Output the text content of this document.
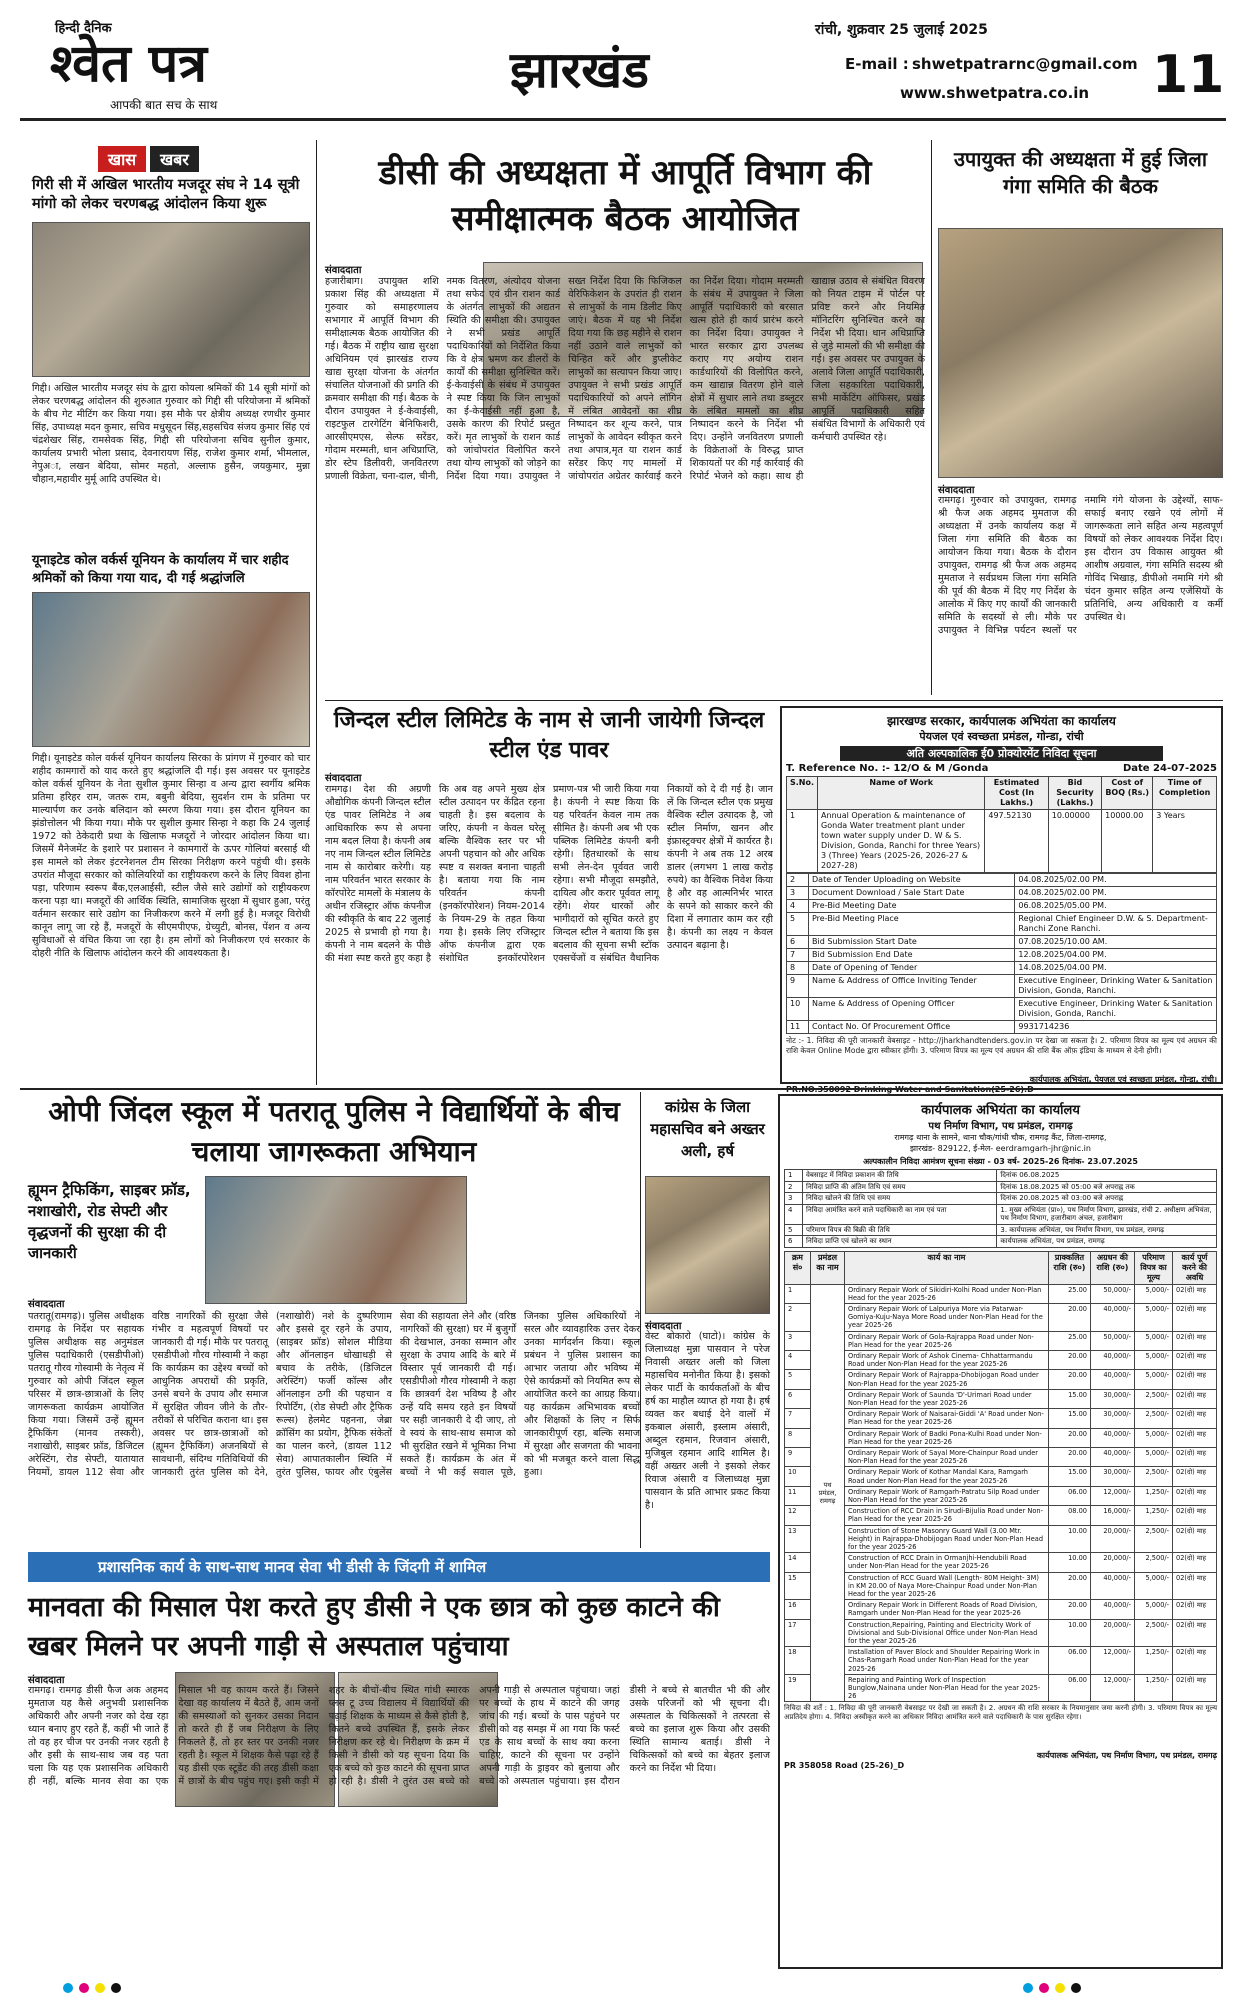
हिन्दी दैनिक
श्वेत पत्र
आपकी बात सच के साथ
झारखंड
रांची, शुक्रवार 25 जुलाई 2025
E-mail : shwetpatrarnc@gmail.com
www.shwetpatra.co.in 11
खास खबर
गिरी सी में अखिल भारतीय मजदूर संघ ने 14 सूत्री मांगो को लेकर चरणबद्ध आंदोलन किया शुरू
गिद्दी। अखिल भारतीय मजदूर संघ के द्वारा कोयला श्रमिकों की 14 सूत्री मांगों को लेकर चरणबद्ध आंदोलन की शुरुआत गुरुवार को गिद्दी सी परियोजना में श्रमिकों के बीच गेट मीटिंग कर किया गया। इस मौके पर क्षेत्रीय अध्यक्ष रणधीर कुमार सिंह, उपाध्यक्ष मदन कुमार, सचिव मधुसूदन सिंह,सहसचिव संजय कुमार सिंह एवं चंद्रशेखर सिंह, रामसेवक सिंह, गिद्दी सी परियोजना सचिव सुनील कुमार, कार्यालय प्रभारी भोला प्रसाद, देवनारायण सिंह, राजेश कुमार शर्मा, भीमलाल, नेपुअा, लखन बेदिया, सोमर महतो, अल्लाफ हुसैन, जयकुमार, मुन्ना चौहान,महावीर मुर्मू आदि उपस्थित थे।
यूनाइटेड कोल वर्कर्स यूनियन के कार्यालय में चार शहीद श्रमिकों को किया गया याद, दी गई श्रद्धांजलि
गिद्दी। यूनाइटेड कोल वर्कर्स यूनियन कार्यालय सिरका के प्रांगण में गुरुवार को चार शहीद कामगारों को याद करते हुए श्रद्धांजलि दी गई। इस अवसर पर यूनाइटेड कोल वर्कर्स यूनियन के नेता सुशील कुमार सिन्हा व अन्य द्वारा स्वर्गीय श्रमिक प्रतिमा हरिहर राम, जतरू राम, बबुनी बेदिया, सुदर्शन राम के प्रतिमा पर माल्यार्पण कर उनके बलिदान को स्मरण किया गया। इस दौरान यूनियन का झंडोत्तोलन भी किया गया। मौके पर सुशील कुमार सिन्हा ने कहा कि 24 जुलाई 1972 को ठेकेदारी प्रथा के खिलाफ मजदूरों ने जोरदार आंदोलन किया था।जिसमें मैनेजमेंट के इशारे पर प्रशासन ने कामगारों के ऊपर गोलियां बरसाई थी इस मामले को लेकर इंटरनेशनल टीम सिरका निरीक्षण करने पहुंची थी। इसके उपरांत मौजूदा सरकार को कोलियरियों का राष्ट्रीयकरण करने के लिए विवश होना पड़ा, परिणाम स्वरूप बैंक,एलआईसी, स्टील जैसे सारे उद्योगों को राष्ट्रीयकरण करना पड़ा था। मजदूरों की आर्थिक स्थिति, सामाजिक सुरक्षा में सुधार हुआ, परंतु वर्तमान सरकार सारे उद्योग का निजीकरण करने में लगी हुई है। मजदूर विरोधी कानून लागू जा रहे हैं, मजदूरों के सीएमपीएफ, ग्रेच्युटी, बोनस, पेंशन व अन्य सुविधाओं से वंचित किया जा रहा है। हम लोगों को निजीकरण एवं सरकार के दोहरी नीति के खिलाफ आंदोलन करने की आवश्यकता है।
डीसी की अध्यक्षता में आपूर्ति विभाग की समीक्षात्मक बैठक आयोजित
संवाददाता
हजारीबाग। उपायुक्त शशि प्रकाश सिंह की अध्यक्षता में गुरुवार को समाहरणालय सभागार में आपूर्ति विभाग की समीक्षात्मक बैठक आयोजित की गई। बैठक में राष्ट्रीय खाद्य सुरक्षा अधिनियम एवं झारखंड राज्य खाद्य सुरक्षा योजना के अंतर्गत संचालित योजनाओं की प्रगति की क्रमवार समीक्षा की गई। बैठक के दौरान उपायुक्त ने ई-केवाईसी, राइटफुल टारगेटिंग बेनिफिशरी, आरसीएमएस, सेल्फ सरेंडर, गोदाम मरम्मती, धान अधिप्राप्ति, डोर स्टेप डिलीवरी, जनवितरण प्रणाली विक्रेता, चना-दाल, चीनी, नमक वितरण, अंत्योदय योजना तथा सफेद एवं ग्रीन राशन कार्ड के अंतर्गत लाभुकों की अद्यतन स्थिति की समीक्षा की। उपायुक्त ने सभी प्रखंड आपूर्ति पदाधिकारियों को निर्देशित किया कि वे क्षेत्र भ्रमण कर डीलरों के कार्यों की समीक्षा सुनिश्चित करें। ई-केवाईसी के संबंध में उपायुक्त ने स्पष्ट किया कि जिन लाभुकों का ई-केवाईसी नहीं हुआ है, उसके कारण की रिपोर्ट प्रस्तुत करें। मृत लाभुकों के राशन कार्ड को जांचोपरांत विलोपित करने तथा योग्य लाभुकों को जोड़ने का निर्देश दिया गया। उपायुक्त ने सख्त निर्देश दिया कि फिजिकल वेरिफिकेशन के उपरांत ही राशन से लाभुकों के नाम डिलीट किए जाएं। बैठक में यह भी निर्देश दिया गया कि छह महीने से राशन नहीं उठाने वाले लाभुकों को चिन्हित करें और डुप्लीकेट लाभुकों का सत्यापन किया जाए। उपायुक्त ने सभी प्रखंड आपूर्ति पदाधिकारियों को अपने लॉगिन में लंबित आवेदनों का शीघ्र निष्पादन कर शून्य करने, पात्र लाभुकों के आवेदन स्वीकृत करने तथा अपात्र,मृत या राशन कार्ड सरेंडर किए गए मामलों में जांचोपरांत अग्रेतर कार्रवाई करने का निर्देश दिया। गोदाम मरम्मती के संबंध में उपायुक्त ने जिला आपूर्ति पदाधिकारी को बरसात खत्म होते ही कार्य प्रारंभ करने का निर्देश दिया। उपायुक्त ने भारत सरकार द्वारा उपलब्ध कराए गए अयोग्य राशन कार्डधारियों की विलोपित करने, कम खाद्यान्न वितरण होने वाले क्षेत्रों में सुधार लाने तथा डब्लूटर के लंबित मामलों का शीघ्र निष्पादन करने के निर्देश भी दिए। उन्होंने जनवितरण प्रणाली के विक्रेताओं के विरुद्ध प्राप्त शिकायतों पर की गई कार्रवाई की रिपोर्ट भेजने को कहा। साथ ही खाद्यान्न उठाव से संबंधित विवरण को नियत टाइम में पोर्टल पर प्रविष्ट करने और नियमित मॉनिटरिंग सुनिश्चित करने का निर्देश भी दिया। धान अधिप्राप्ति से जुड़े मामलों की भी समीक्षा की गई। इस अवसर पर उपायुक्त के अलावे जिला आपूर्ति पदाधिकारी, जिला सहकारिता पदाधिकारी, सभी मार्केटिंग ऑफिसर, प्रखंड आपूर्ति पदाधिकारी सहित संबंधित विभागों के अधिकारी एवं कर्मचारी उपस्थित रहे।
उपायुक्त की अध्यक्षता में हुई जिला गंगा समिति की बैठक
संवाददाता
रामगढ़। गुरुवार को उपायुक्त, रामगढ़ श्री फैज अक अहमद मुमताज की अध्यक्षता में उनके कार्यालय कक्ष में जिला गंगा समिति की बैठक का आयोजन किया गया। बैठक के दौरान उपायुक्त, रामगढ़ श्री फैज अक अहमद मुमताज ने सर्वप्रथम जिला गंगा समिति की पूर्व की बैठक में दिए गए निर्देश के आलोक में किए गए कार्यों की जानकारी समिति के सदस्यों से ली। मौके पर उपायुक्त ने विभिन्न पर्यटन स्थलों पर नमामि गंगे योजना के उद्देश्यों, साफ-सफाई बनाए रखने एवं लोगों में जागरूकता लाने सहित अन्य महत्वपूर्ण विषयों को लेकर आवश्यक निर्देश दिए। इस दौरान उप विकास आयुक्त श्री आशीष अग्रवाल, गंगा समिति सदस्य श्री गोविंद भिखाड़, डीपीओ नमामि गंगे श्री चंदन कुमार सहित अन्य एजेंसियों के प्रतिनिधि, अन्य अधिकारी व कर्मी उपस्थित थे।
जिन्दल स्टील लिमिटेड के नाम से जानी जायेगी जिन्दल स्टील एंड पावर
संवाददाता
रामगढ़। देश की अग्रणी औद्योगिक कंपनी जिन्दल स्टील एंड पावर लिमिटेड ने अब आधिकारिक रूप से अपना नाम बदल लिया है। कंपनी अब नए नाम जिन्दल स्टील लिमिटेड नाम से कारोबार करेगी। यह नाम परिवर्तन भारत सरकार के कॉरपोरेट मामलों के मंत्रालय के अधीन रजिस्ट्रार ऑफ कंपनीज की स्वीकृति के बाद 22 जुलाई 2025 से प्रभावी हो गया है। कंपनी ने नाम बदलने के पीछे की मंशा स्पष्ट करते हुए कहा है कि अब वह अपने मुख्य क्षेत्र स्टील उत्पादन पर केंद्रित रहना चाहती है। इस बदलाव के जरिए, कंपनी न केवल घरेलू बल्कि वैश्विक स्तर पर भी अपनी पहचान को और अधिक स्पष्ट व सशक्त बनाना चाहती है। बताया गया कि नाम परिवर्तन कंपनी (इनकॉरपोरेशन) नियम-2014 के नियम-29 के तहत किया गया है। इसके लिए रजिस्ट्रार ऑफ कंपनीज द्वारा एक संशोधित इनकॉरपोरेशन प्रमाण-पत्र भी जारी किया गया है। कंपनी ने स्पष्ट किया कि यह परिवर्तन केवल नाम तक सीमित है। कंपनी अब भी एक पब्लिक लिमिटेड कंपनी बनी रहेगी। हितधारकों के साथ सभी लेन-देन पूर्ववत जारी रहेगा। सभी मौजूदा समझौते, दायित्व और करार पूर्ववत लागू रहेंगे। शेयर धारकों और भागीदारों को सूचित करते हुए जिन्दल स्टील ने बताया कि इस बदलाव की सूचना सभी स्टॉक एक्सचेंजों व संबंधित वैधानिक निकायों को दे दी गई है। जान लें कि जिन्दल स्टील एक प्रमुख वैश्विक स्टील उत्पादक है, जो स्टील निर्माण, खनन और इंफ्रास्ट्रक्चर क्षेत्रों में कार्यरत है। कंपनी ने अब तक 12 अरब डालर (लगभग 1 लाख करोड़ रुपये) का वैश्विक निवेश किया है और वह आत्मनिर्भर भारत के सपने को साकार करने की दिशा में लगातार काम कर रही है। कंपनी का लक्ष्य न केवल उत्पादन बढ़ाना है।
झारखण्ड सरकार, कार्यपालक अभियंता का कार्यालय
पेयजल एवं स्वच्छता प्रमंडल, गोन्डा, रांची
अति अल्पकालिक ई0 प्रोक्योरमेंट निविदा सूचना
T. Reference No. :- 12/O & M /Gonda	Date 24-07-2025
S.No.	Name of Work	Estimated Cost (In Lakhs.)	Bid Security (Lakhs.)	Cost of BOQ (Rs.)	Time of Completion
1	Annual Operation & maintenance of Gonda Water treatment plant under town water supply under D. W & S. Division, Gonda, Ranchi for three Years) 3 (Three) Years (2025-26, 2026-27 & 2027-28)	497.52130	10.00000	10000.00	3 Years
2	Date of Tender Uploading on Website	04.08.2025/02.00 PM.
3	Document Download / Sale Start Date	04.08.2025/02.00 PM.
4	Pre-Bid Meeting Date	06.08.2025/05.00 PM.
5	Pre-Bid Meeting Place	Regional Chief Engineer D.W. & S. Department-Ranchi Zone Ranchi.
6	Bid Submission Start Date	07.08.2025/10.00 AM.
7	Bid Submission End Date	12.08.2025/04.00 PM.
8	Date of Opening of Tender	14.08.2025/04.00 PM.
9	Name & Address of Office Inviting Tender	Executive Engineer, Drinking Water & Sanitation Division, Gonda, Ranchi.
10	Name & Address of Opening Officer	Executive Engineer, Drinking Water & Sanitation Division, Gonda, Ranchi.
11	Contact No. Of Procurement Office	9931714236
नोट :- 1. निविदा की पूरी जानकारी वेबसाइट - http://jharkhandtenders.gov.in पर देखा जा सकता है। 2. परिमाण विपत्र का मूल्य एवं अग्रधन की राशि केवल Online Mode द्वारा स्वीकार होंगी। 3. परिमाण विपत्र का मूल्य एवं अग्रधन की राशि बैंक ऑफ़ इंडिया के माध्यम से देनी होगी।
कार्यपालक अभियंता, पेयजल एवं स्वच्छता प्रमंडल, गोन्डा, रांची।
ओपी जिंदल स्कूल में पतरातू पुलिस ने विद्यार्थियों के बीच चलाया जागरूकता अभियान
ह्यूमन ट्रैफिकिंग, साइबर फ्रॉड, नशाखोरी, रोड सेफ्टी और वृद्धजनों की सुरक्षा की दी जानकारी
संवाददाता
पतरातू(रामगढ़)। पुलिस अधीक्षक रामगढ़ के निर्देश पर सहायक पुलिस अधीक्षक सह अनुमंडल पुलिस पदाधिकारी (एसडीपीओ) पतरातू गौरव गोस्वामी के नेतृत्व में गुरुवार को ओपी जिंदल स्कूल परिसर में छात्र-छात्राओं के लिए जागरूकता कार्यक्रम आयोजित किया गया। जिसमें उन्हें ह्यूमन ट्रैफिकिंग (मानव तस्करी), नशाखोरी, साइबर फ्रॉड, डिजिटल अरेस्टिंग, रोड सेफ्टी, यातायात नियमों, डायल 112 सेवा और वरिष्ठ नागरिकों की सुरक्षा जैसे गंभीर व महत्वपूर्ण विषयों पर जानकारी दी गई। मौके पर पतरातू एसडीपीओ गौरव गोस्वामी ने कहा कि कार्यक्रम का उद्देश्य बच्चों को आधुनिक अपराधों की प्रकृति, उनसे बचने के उपाय और समाज में सुरक्षित जीवन जीने के तौर-तरीकों से परिचित कराना था। इस अवसर पर छात्र-छात्राओं को (ह्यूमन ट्रैफिकिंग) अजनबियों से सावधानी, संदिग्ध गतिविधियों की जानकारी तुरंत पुलिस को देने, (नशाखोरी) नशे के दुष्परिणाम और इससे दूर रहने के उपाय, (साइबर फ्रॉड) सोशल मीडिया और ऑनलाइन धोखाधड़ी से बचाव के तरीके, (डिजिटल अरेस्टिंग) फर्जी कॉल्स और ऑनलाइन ठगी की पहचान व रिपोर्टिंग, (रोड सेफ्टी और ट्रैफिक रूल्स) हेलमेट पहनना, जेब्रा क्रॉसिंग का प्रयोग, ट्रैफिक संकेतों का पालन करने, (डायल 112 सेवा) आपातकालीन स्थिति में तुरंत पुलिस, फायर और एंबुलेंस सेवा की सहायता लेने और (वरिष्ठ नागरिकों की सुरक्षा) घर में बुजुर्गों की देखभाल, उनका सम्मान और सुरक्षा के उपाय आदि के बारे में विस्तार पूर्व जानकारी दी गई। एसडीपीओ गौरव गोस्वामी ने कहा कि छात्रवर्ग देश भविष्य है और उन्हें यदि समय रहते इन विषयों पर सही जानकारी दे दी जाए, तो वे स्वयं के साथ-साथ समाज को भी सुरक्षित रखने में भूमिका निभा सकते हैं। कार्यक्रम के अंत में बच्चों ने भी कई सवाल पूछे, जिनका पुलिस अधिकारियों ने सरल और व्यावहारिक उत्तर देकर उनका मार्गदर्शन किया। स्कूल प्रबंधन ने पुलिस प्रशासन का आभार जताया और भविष्य में ऐसे कार्यक्रमों को नियमित रूप से आयोजित करने का आग्रह किया। यह कार्यक्रम अभिभावक बच्चों और शिक्षकों के लिए न सिर्फ जानकारीपूर्ण रहा, बल्कि समाज में सुरक्षा और सजगता की भावना को भी मजबूत करने वाला सिद्ध हुआ।
कांग्रेस के जिला महासचिव बने अख्तर अली, हर्ष
संवाददाता
वेस्ट बोकारो (घाटो)। कांग्रेस के जिलाध्यक्ष मुन्ना पासवान ने परेज निवासी अख्तर अली को जिला महासचिव मनोनीत किया है। इसको लेकर पार्टी के कार्यकर्ताओं के बीच हर्ष का माहौल व्याप्त हो गया है। हर्ष व्यक्त कर बधाई देने वालों में इकबाल अंसारी, इस्लाम अंसारी, अब्दुल रहमान, रिजवान अंसारी, मुजिबुल रहमान आदि शामिल है। वहीं अख्तर अली ने इसको लेकर रिवाज अंसारी व जिलाध्यक्ष मुन्ना पासवान के प्रति आभार प्रकट किया है।
प्रशासनिक कार्य के साथ-साथ मानव सेवा भी डीसी के जिंदगी में शामिल
मानवता की मिसाल पेश करते हुए डीसी ने एक छात्र को कुछ काटने की खबर मिलने पर अपनी गाड़ी से अस्पताल पहुंचाया
संवाददाता
रामगढ़। रामगढ़ डीसी फैज अक अहमद मुमताज यह कैसे अनुभवी प्रशासनिक अधिकारी और अपनी नजर को देख रहा ध्यान बनाए हुए रहते हैं, कहीं भी जाते हैं तो वह हर चीज पर उनकी नजर रहती है और इसी के साथ-साथ जब वह पता चला कि यह एक प्रशासनिक अधिकारी ही नहीं, बल्कि मानव सेवा का एक मिसाल भी वह कायम करते हैं। जिसने देखा वह कार्यालय में बैठते हैं, आम जनों की समस्याओं को सुनकर उसका निदान तो करते ही हैं जब निरीक्षण के लिए निकलते हैं, तो हर स्तर पर उनकी नजर रहती है। स्कूल में शिक्षक कैसे पढ़ा रहे हैं यह डीसी एक स्टूडेंट की तरह डीसी कक्षा में छात्रों के बीच पहुंच गए। इसी कड़ी में शहर के बीचों-बीच स्थित गांधी स्मारक प्लस टू उच्च विद्यालय में विद्यार्थियों की पढ़ाई शिक्षक के माध्यम से कैसे होती है, कितने बच्चे उपस्थित हैं, इसके लेकर निरीक्षण कर रहे थे। निरीक्षण के क्रम में किसी ने डीसी को यह सूचना दिया कि एक बच्चे को कुछ काटने की सूचना प्राप्त हो रही है। डीसी ने तुरंत उस बच्चे को अपनी गाड़ी से अस्पताल पहुंचाया। जहां पर बच्चों के हाथ में काटने की जगह जांच की गई। बच्चों के पास पहुंचने पर डीसी को वह समझ में आ गया कि फर्स्ट एड के साथ बच्चों के साथ क्या करना चाहिए, काटने की सूचना पर उन्होंने अपनी गाड़ी के ड्राइवर को बुलाया और बच्चे को अस्पताल पहुंचाया। इस दौरान डीसी ने बच्चे से बातचीत भी की और उसके परिजनों को भी सूचना दी। अस्पताल के चिकित्सकों ने तत्परता से बच्चे का इलाज शुरू किया और उसकी स्थिति सामान्य बताई। डीसी ने चिकित्सकों को बच्चे का बेहतर इलाज करने का निर्देश भी दिया।
कार्यपालक अभियंता का कार्यालय
पथ निर्माण विभाग, पथ प्रमंडल, रामगढ़
रामगढ़ थाना के सामने, थाना चौक/गांधी चौक, रामगढ़ कैंट, जिला-रामगढ़,
झारखंड- 829122, ई-मेल- eerdramgarh-jhr@nic.in
अल्पकालीन निविदा आमंत्रण सूचना संख्या - 03 वर्ष- 2025-26 दिनांक- 23.07.2025
1	वेबसाइट में निविदा प्रकाशन की तिथि	दिनांक 06.08.2025
2	निविदा प्राप्ति की अंतिम तिथि एवं समय	दिनांक 18.08.2025 को 05:00 बजे अपराह्न तक
3	निविदा खोलने की तिथि एवं समय	दिनांक 20.08.2025 को 03:00 बजे अपराह्न
4	निविदा आमंत्रित करने वाले पदाधिकारी का नाम एवं पता	1. मुख्य अभियंता (प्रा०), पथ निर्माण विभाग, झारखंड, रांची 2. अधीक्षण अभियंता, पथ निर्माण विभाग, हजारीबाग अंचल, हजारीबाग
5	परिमाण विपत्र की बिक्री की तिथि	3. कार्यपालक अभियंता, पथ निर्माण विभाग, पथ प्रमंडल, रामगढ़
6	निविदा प्राप्ति एवं खोलने का स्थान	कार्यपालक अभियंता, पथ प्रमंडल, रामगढ़
क्रम सं०	प्रमंडल का नाम	कार्य का नाम	प्राक्कलित राशि (रु०)	अग्रधन की राशि (रु०)	परिमाण विपत्र का मूल्य	कार्य पूर्ण करने की अवधि
1	पथ प्रमंडल, रामगढ़	Ordinary Repair Work of Sikidiri-Kolhi Road under Non-Plan Head for the year 2025-26	25.00	50,000/-	5,000/-	02(दो) माह
2		Ordinary Repair Work of Lalpuriya More via Patarwar-Gomiya-Kuju-Naya More Road under Non-Plan Head for the year 2025-26	20.00	40,000/-	5,000/-	02(दो) माह
3		Ordinary Repair Work of Gola-Rajrappa Road under Non-Plan Head for the year 2025-26	25.00	50,000/-	5,000/-	02(दो) माह
4		Ordinary Repair Work of Ashok Cinema- Chhattarmandu Road under Non-Plan Head for the year 2025-26	20.00	40,000/-	5,000/-	02(दो) माह
5		Ordinary Repair Work of Rajrappa-Dhobijogan Road under Non-Plan Head for the year 2025-26	20.00	40,000/-	5,000/-	02(दो) माह
6		Ordinary Repair Work of Saunda 'D'-Urimari Road under Non-Plan Head for the year 2025-26	15.00	30,000/-	2,500/-	02(दो) माह
7		Ordinary Repair Work of Naisarai-Giddi 'A' Road under Non-Plan Head for the year 2025-26	15.00	30,000/-	2,500/-	02(दो) माह
8		Ordinary Repair Work of Badki Pona-Kulhi Road under Non-Plan Head for the year 2025-26	20.00	40,000/-	5,000/-	02(दो) माह
9		Ordinary Repair Work of Sayal More-Chainpur Road under Non-Plan Head for the year 2025-26	20.00	40,000/-	5,000/-	02(दो) माह
10		Ordinary Repair Work of Kothar Mandal Kara, Ramgarh Road under Non-Plan Head for the year 2025-26	15.00	30,000/-	2,500/-	02(दो) माह
11		Ordinary Repair Work of Ramgarh-Patratu Silp Road under Non-Plan Head for the year 2025-26	06.00	12,000/-	1,250/-	02(दो) माह
12		Construction of RCC Drain in Sirudi-Bijulia Road under Non-Plan Head for the year 2025-26	08.00	16,000/-	1,250/-	02(दो) माह
13		Construction of Stone Masonry Guard Wall (3.00 Mtr. Height) in Rajrappa-Dhobijogan Road under Non-Plan Head for the year 2025-26	10.00	20,000/-	2,500/-	02(दो) माह
14		Construction of RCC Drain in Ormanjhi-Hendubili Road under Non-Plan Head for the year 2025-26	10.00	20,000/-	2,500/-	02(दो) माह
15		Construction of RCC Guard Wall (Length- 80M Height- 3M) in KM 20.00 of Naya More-Chainpur Road under Non-Plan Head for the year 2025-26	20.00	40,000/-	5,000/-	02(दो) माह
16		Ordinary Repair Work in Different Roads of Road Division, Ramgarh under Non-Plan Head for the year 2025-26	20.00	40,000/-	5,000/-	02(दो) माह
17		Construction,Repairing, Painting and Electricity Work of Divisional and Sub-Divisional Office under Non-Plan Head for the year 2025-26	10.00	20,000/-	2,500/-	02(दो) माह
18		Installation of Paver Block and Shoulder Repairing Work in Chas-Ramgarh Road under Non-Plan Head for the year 2025-26	06.00	12,000/-	1,250/-	02(दो) माह
19		Repairing and Painting Work of Inspection Bunglow,Nainana under Non-Plan Head for the year 2025-26	06.00	12,000/-	1,250/-	02(दो) माह
निविदा की शर्तें : 1. निविदा की पूरी जानकारी वेबसाइट पर देखी जा सकती है। 2. अग्रधन की राशि सरकार के नियमानुसार जमा करनी होगी। 3. परिमाण विपत्र का मूल्य अप्रतिदेय होगा। 4. निविदा अस्वीकृत करने का अधिकार निविदा आमंत्रित करने वाले पदाधिकारी के पास सुरक्षित रहेगा।
कार्यपालक अभियंता, पथ निर्माण विभाग, पथ प्रमंडल, रामगढ़
PR 358058 Road (25-26)_D
